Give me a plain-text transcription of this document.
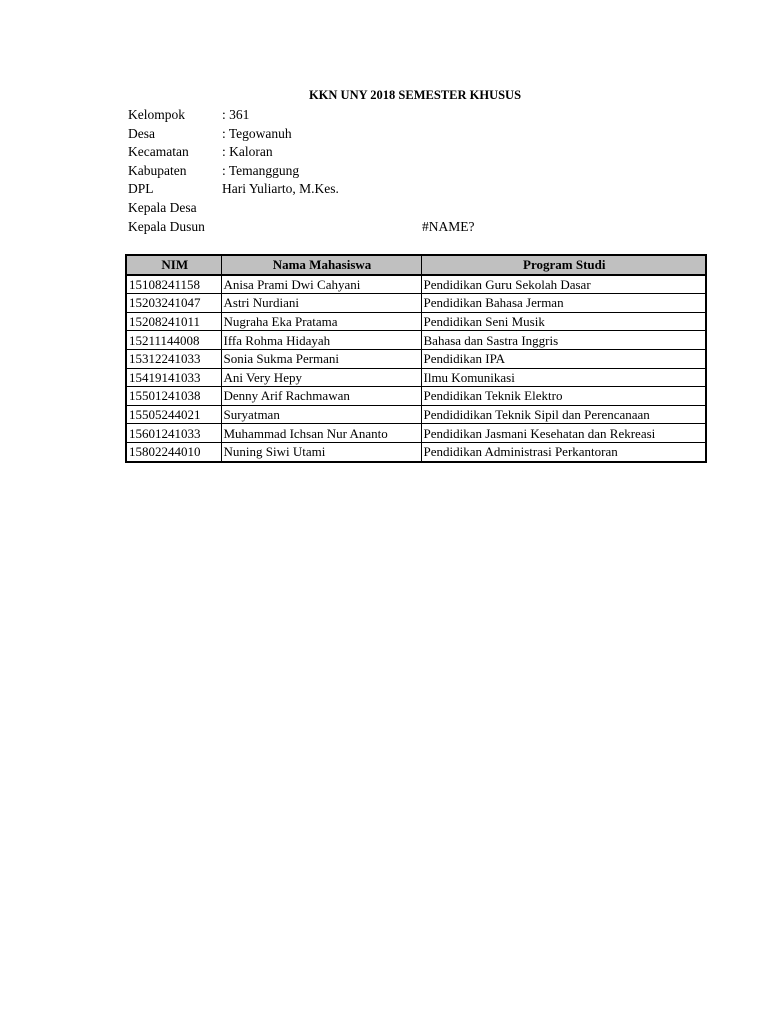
KKN UNY 2018 SEMESTER KHUSUS
Kelompok	: 361
Desa	: Tegowanuh
Kecamatan : Kaloran
Kabupaten	: Temanggung
DPL	Hari Yuliarto, M.Kes.
Kepala Desa
Kepala Dusun	#NAME?
NIM	Nama Mahasiswa	Program Studi
15108241158	Anisa Prami Dwi Cahyani	Pendidikan Guru Sekolah Dasar
15203241047	Astri Nurdiani	Pendidikan Bahasa Jerman
15208241011	Nugraha Eka Pratama	Pendidikan Seni Musik
15211144008	Iffa Rohma Hidayah	Bahasa dan Sastra Inggris
15312241033	Sonia Sukma Permani	Pendidikan IPA
15419141033	Ani Very Hepy	Ilmu Komunikasi
15501241038	Denny Arif Rachmawan	Pendidikan Teknik Elektro
15505244021	Suryatman	Pendididikan Teknik Sipil dan Perencanaan
15601241033	Muhammad Ichsan Nur Ananto	Pendidikan Jasmani Kesehatan dan Rekreasi
15802244010	Nuning Siwi Utami	Pendidikan Administrasi Perkantoran
